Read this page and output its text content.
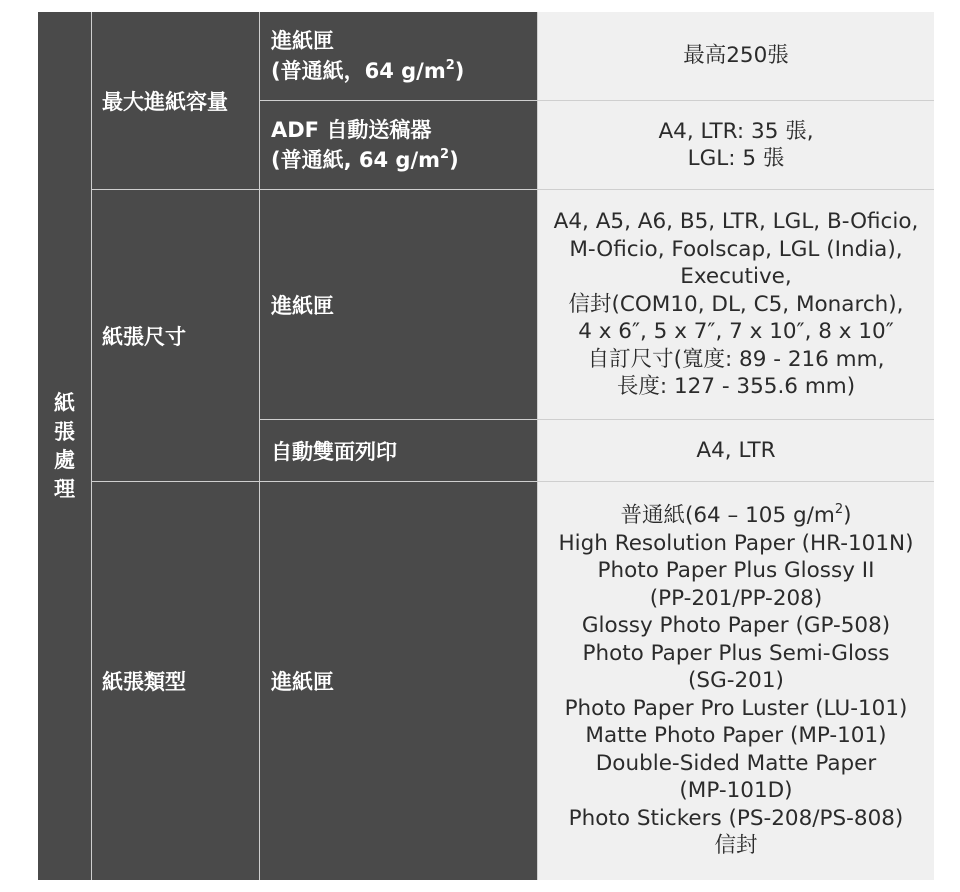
紙
張
處
理
最大進紙容量
紙張尺寸
紙張類型
進紙匣
(普通紙，64 $g/m^2$)
ADF 自動送稿器
(普通紙, 64 $g/m^2$)
進紙匣
自動雙面列印
進紙匣
最高250張
A4, LTR: 35 張,
LGL: 5 張
A4, A5, A6, B5, LTR, LGL, B-Oficio,
M-Oficio, Foolscap, LGL (India),
Executive,
信封(COM10, DL, C5, Monarch),
4 x 6″, 5 x 7″, 7 x 10″, 8 x 10″
自訂尺寸(寬度: 89 - 216 mm,
長度: 127 - 355.6 mm)
A4, LTR
普通紙(64 – 105 $g/m^2$)
High Resolution Paper (HR-101N)
Photo Paper Plus Glossy II
(PP-201/PP-208)
Glossy Photo Paper (GP-508)
Photo Paper Plus Semi-Gloss
(SG-201)
Photo Paper Pro Luster (LU-101)
Matte Photo Paper (MP-101)
Double-Sided Matte Paper
(MP-101D)
Photo Stickers (PS-208/PS-808)
信封
